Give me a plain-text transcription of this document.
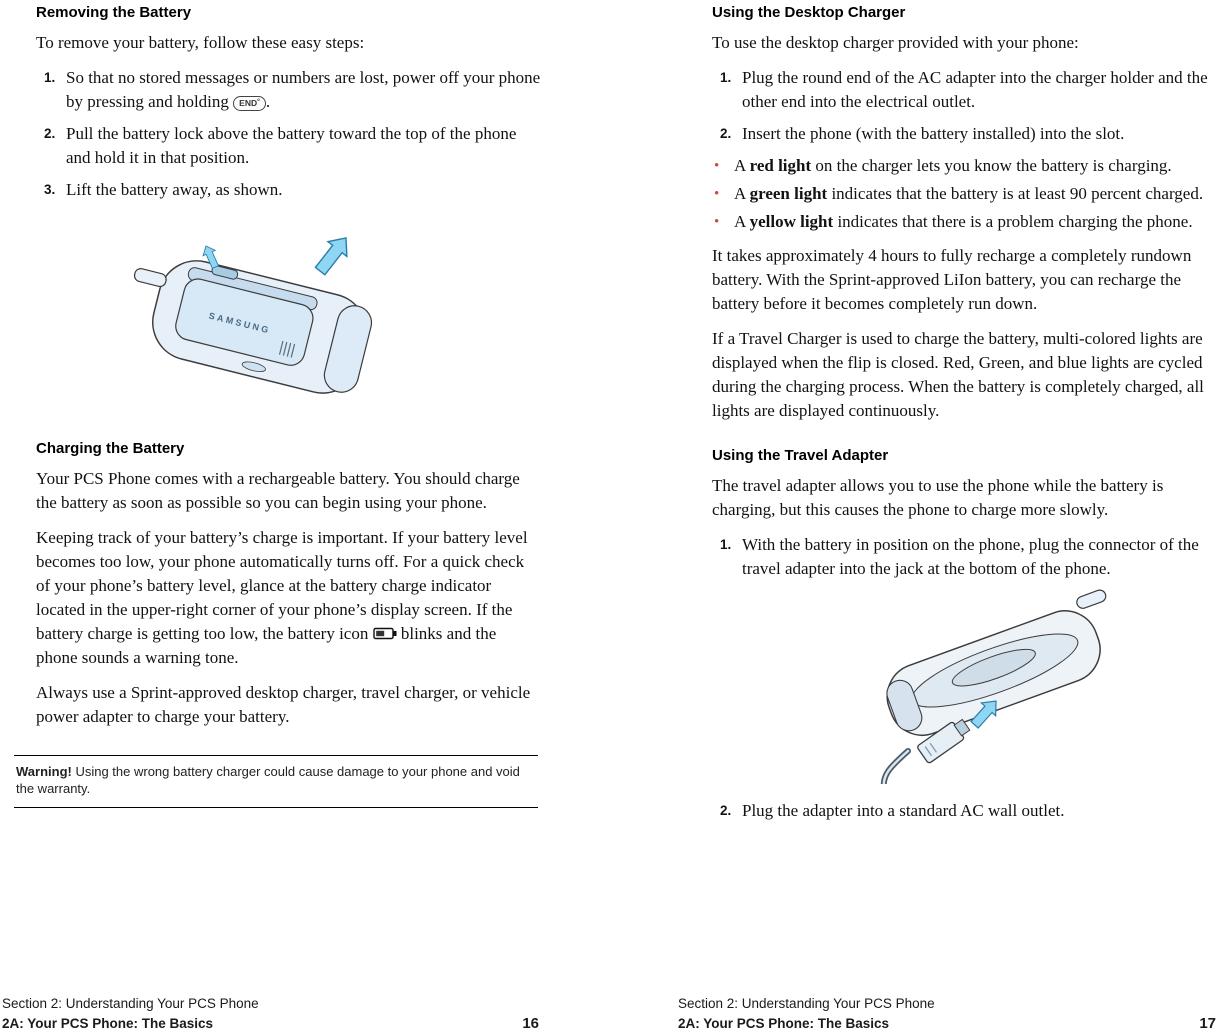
Removing the Battery

To remove your battery, follow these easy steps:

1. So that no stored messages or numbers are lost, power off your phone by pressing and holding END° .
2. Pull the battery lock above the battery toward the top of the phone and hold it in that position.
3. Lift the battery away, as shown.
SAMSUNG
Charging the Battery

Your PCS Phone comes with a rechargeable battery. You should charge the battery as soon as possible so you can begin using your phone.

Keeping track of your battery’s charge is important. If your battery level becomes too low, your phone automatically turns off. For a quick check of your phone’s battery level, glance at the battery charge indicator located in the upper-right corner of your phone’s display screen. If the battery charge is getting too low, the battery icon  blinks and the phone sounds a warning tone.

Always use a Sprint-approved desktop charger, travel charger, or vehicle power adapter to charge your battery.

Warning! Using the wrong battery charger could cause damage to your phone and void the warranty.
Section 2: Understanding Your PCS Phone
2A: Your PCS Phone: The Basics	16
Using the Desktop Charger

To use the desktop charger provided with your phone:

1. Plug the round end of the AC adapter into the charger holder and the other end into the electrical outlet.
2. Insert the phone (with the battery installed) into the slot.
• A red light on the charger lets you know the battery is charging.
• A green light indicates that the battery is at least 90 percent charged.
• A yellow light indicates that there is a problem charging the phone.

It takes approximately 4 hours to fully recharge a completely rundown battery. With the Sprint-approved LiIon battery, you can recharge the battery before it becomes completely run down.

If a Travel Charger is used to charge the battery, multi-colored lights are displayed when the flip is closed. Red, Green, and blue lights are cycled during the charging process. When the battery is completely charged, all lights are displayed continuously.

Using the Travel Adapter

The travel adapter allows you to use the phone while the battery is charging, but this causes the phone to charge more slowly.

1. With the battery in position on the phone, plug the connector of the travel adapter into the jack at the bottom of the phone.
2. Plug the adapter into a standard AC wall outlet.
Section 2: Understanding Your PCS Phone
2A: Your PCS Phone: The Basics	17
